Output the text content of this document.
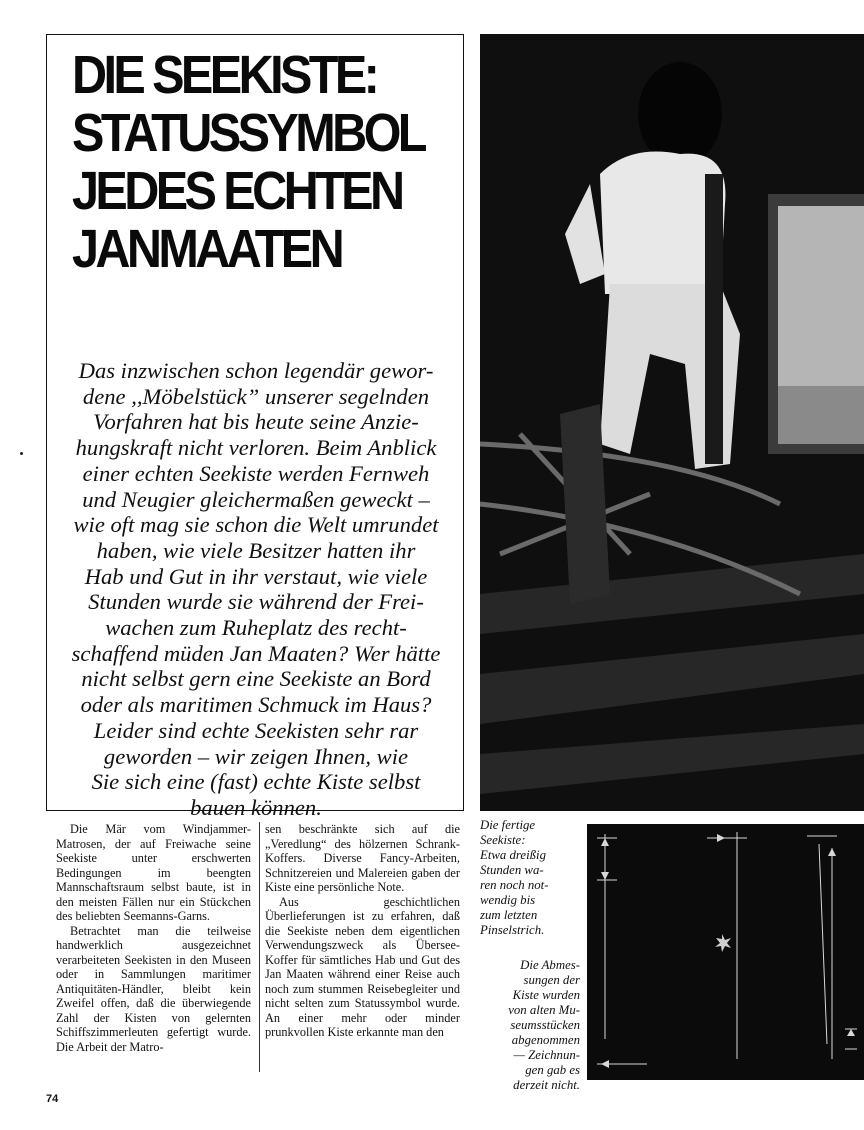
DIE SEEKISTE:
STATUSSYMBOL
JEDES ECHTEN
JANMAATEN
Das inzwischen schon legendär gewor-
dene ,,Möbelstück” unserer segelnden
Vorfahren hat bis heute seine Anzie-
hungskraft nicht verloren. Beim Anblick
einer echten Seekiste werden Fernweh
und Neugier gleichermaßen geweckt –
wie oft mag sie schon die Welt umrundet
haben, wie viele Besitzer hatten ihr
Hab und Gut in ihr verstaut, wie viele
Stunden wurde sie während der Frei-
wachen zum Ruheplatz des recht-
schaffend müden Jan Maaten? Wer hätte
nicht selbst gern eine Seekiste an Bord
oder als maritimen Schmuck im Haus?
Leider sind echte Seekisten sehr rar
geworden – wir zeigen Ihnen, wie
Sie sich eine (fast) echte Kiste selbst
bauen können.

Die Mär vom Windjammer-Matrosen, der auf Freiwache seine Seekiste unter erschwerten Bedingungen im beengten Mannschaftsraum selbst baute, ist in den meisten Fällen nur ein Stückchen des beliebten Seemanns-Garns.

Betrachtet man die teilweise handwerklich ausgezeichnet verarbeiteten Seekisten in den Museen oder in Sammlungen maritimer Antiquitäten-Händler, bleibt kein Zweifel offen, daß die überwiegende Zahl der Kisten von gelernten Schiffszimmerleuten gefertigt wurde. Die Arbeit der Matro-

sen beschränkte sich auf die „Veredlung“ des hölzernen Schrank-Koffers. Diverse Fancy-Arbeiten, Schnitzereien und Malereien gaben der Kiste eine persönliche Note.

Aus geschichtlichen Überlieferungen ist zu erfahren, daß die Seekiste neben dem eigentlichen Verwendungszweck als Übersee-Koffer für sämtliches Hab und Gut des Jan Maaten während einer Reise auch noch zum stummen Reisebegleiter und nicht selten zum Statussymbol wurde. An einer mehr oder minder prunkvollen Kiste erkannte man den

Die fertige
Seekiste:
Etwa dreißig
Stunden wa-
ren noch not-
wendig bis
zum letzten
Pinselstrich.
Die Abmes-
sungen der
Kiste wurden
von alten Mu-
seumsstücken
abgenommen
— Zeichnun-
gen gab es
derzeit nicht.
74
